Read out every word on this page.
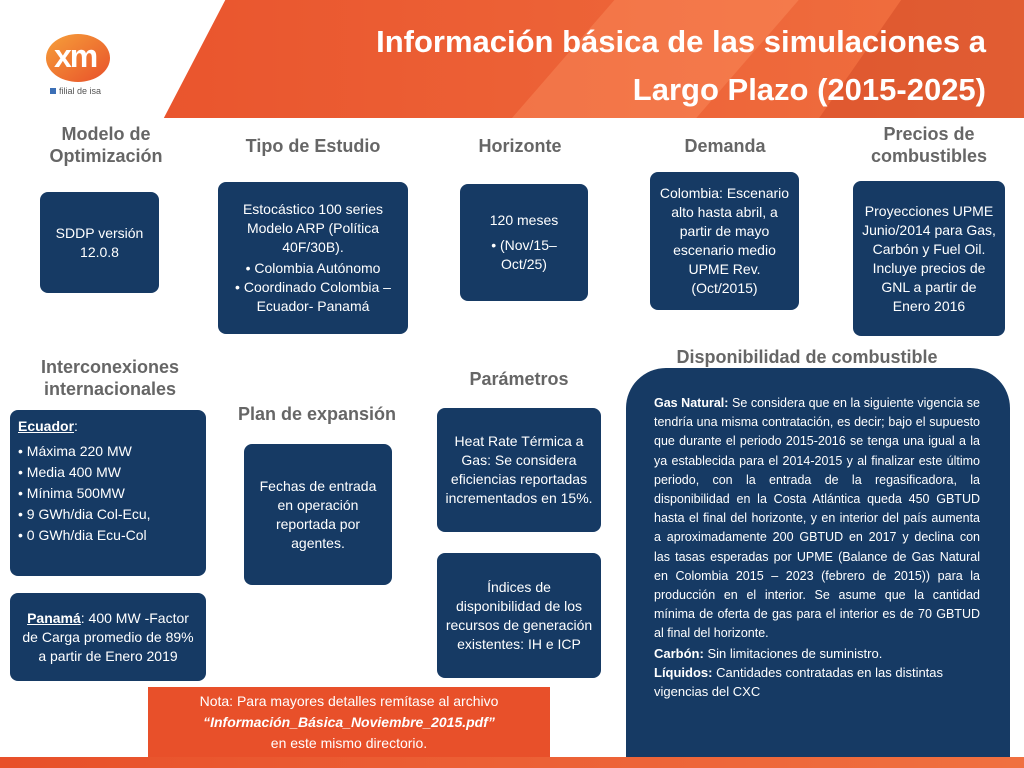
Información básica de las simulaciones a
Largo Plazo (2015-2025)
xm
filial de isa
Modelo de
Optimización	Tipo de Estudio	Horizonte	Demanda
Precios de
combustibles
SDDP versión 12.0.8
Estocástico 100 series Modelo ARP (Política 40F/30B).
• Colombia Autónomo
• Coordinado Colombia – Ecuador- Panamá
120 meses
• (Nov/15– Oct/25)
Colombia: Escenario alto hasta abril, a partir de mayo escenario medio UPME Rev. (Oct/2015)
Proyecciones UPME Junio/2014 para Gas, Carbón y Fuel Oil. Incluye precios de GNL a partir de Enero 2016
Interconexiones
internacionales
Plan de expansión
Parámetros
Disponibilidad de combustible
Ecuador:
• Máxima 220 MW
• Media 400 MW
• Mínima 500MW
• 9 GWh/dia Col-Ecu,
• 0 GWh/dia Ecu-Col
Panamá: 400 MW -Factor de Carga promedio de 89% a partir de Enero 2019
Fechas de entrada en operación reportada por agentes.
Heat Rate Térmica a Gas: Se considera eficiencias reportadas incrementados en 15%.
Índices de disponibilidad de los recursos de generación existentes: IH e ICP
Gas Natural: Se considera que en la siguiente vigencia se tendría una misma contratación, es decir; bajo el supuesto que durante el periodo 2015-2016 se tenga una igual a la ya establecida para el 2014-2015 y al finalizar este último periodo, con la entrada de la regasificadora, la disponibilidad en la Costa Atlántica queda 450 GBTUD hasta el final del horizonte, y en interior del país aumenta a aproximadamente 200 GBTUD en 2017 y declina con las tasas esperadas por UPME (Balance de Gas Natural en Colombia 2015 – 2023 (febrero de 2015)) para la producción en el interior. Se asume que la cantidad mínima de oferta de gas para el interior es de 70 GBTUD al final del horizonte.
Carbón: Sin limitaciones de suministro.
Líquidos: Cantidades contratadas en las distintas vigencias del CXC
Nota: Para mayores detalles remítase al archivo
“Información_Básica_Noviembre_2015.pdf”
en este mismo directorio.
